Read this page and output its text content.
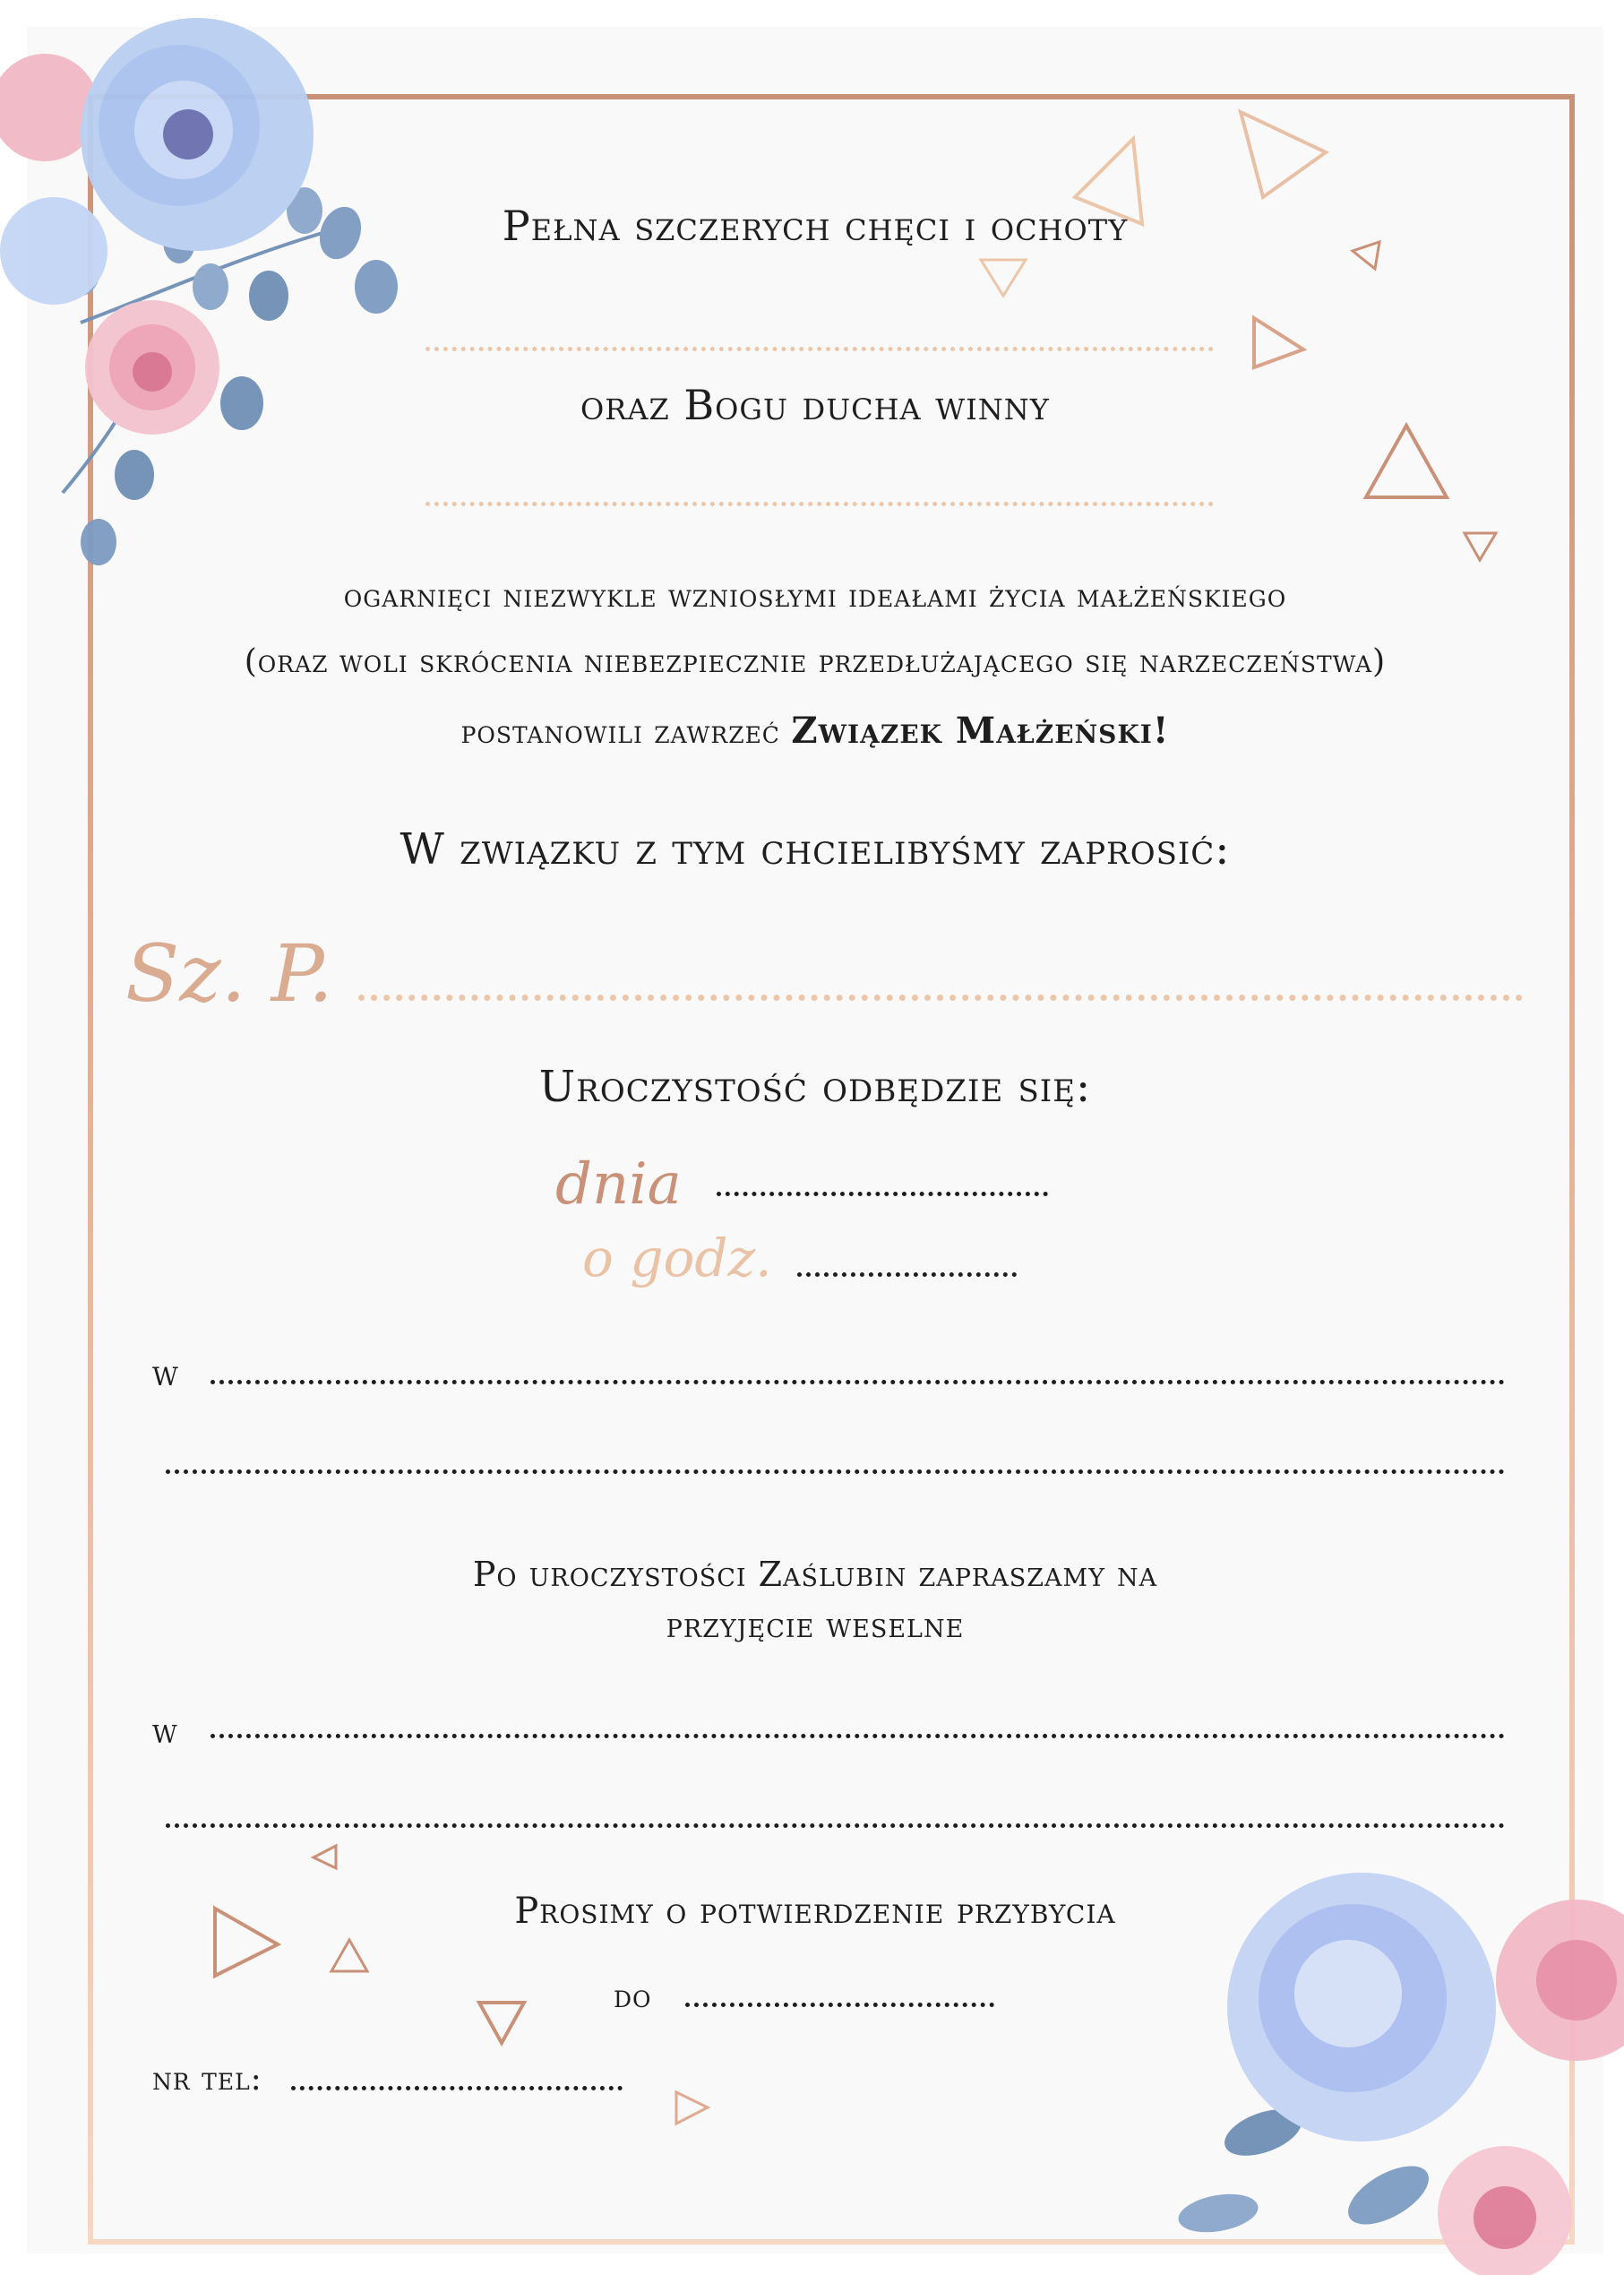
Pełna szczerych chęci i ochoty
oraz Bogu ducha winny
ogarnięci niezwykle wzniosłymi ideałami życia małżeńskiego
(oraz woli skrócenia niebezpiecznie przedłużającego się narzeczeństwa)
postanowili zawrzeć Związek Małżeński!
W związku z tym chcielibyśmy zaprosić:
Sz. P.
Uroczystość odbędzie się:
dnia
o godz.
w
Po uroczystości Zaślubin zapraszamy na
przyjęcie weselne
w
Prosimy o potwierdzenie przybycia
do
nr tel:
